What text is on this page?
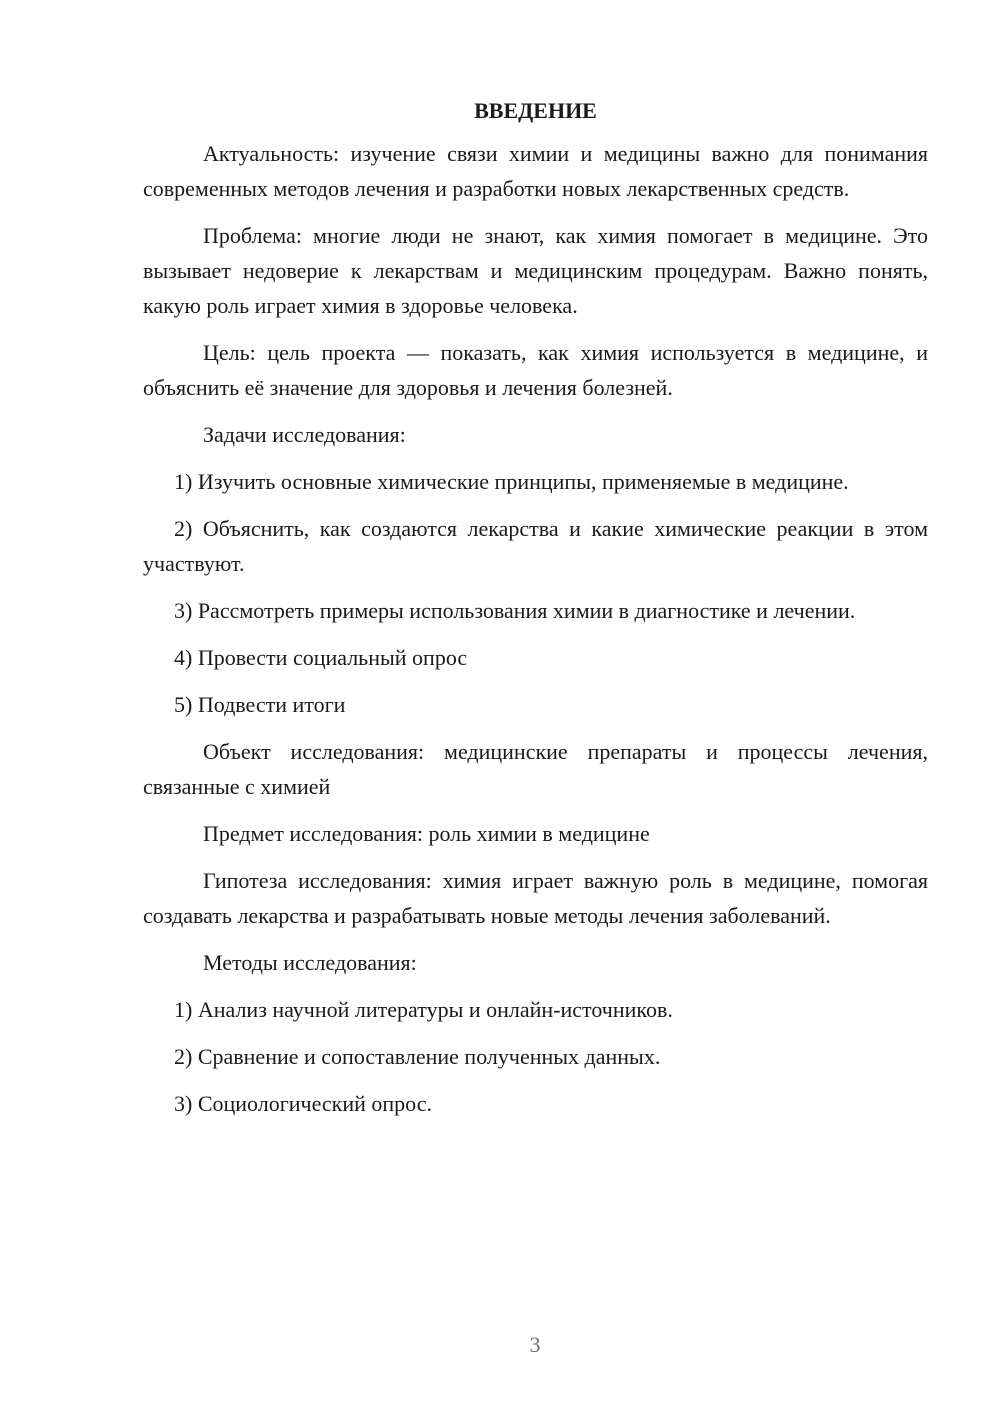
ВВЕДЕНИЕ

Актуальность: изучение связи химии и медицины важно для понимания современных методов лечения и разработки новых лекарственных средств.

Проблема: многие люди не знают, как химия помогает в медицине. Это вызывает недоверие к лекарствам и медицинским процедурам. Важно понять, какую роль играет химия в здоровье человека.

Цель: цель проекта — показать, как химия используется в медицине, и объяснить её значение для здоровья и лечения болезней.

Задачи исследования:

1) Изучить основные химические принципы, применяемые в медицине.

2) Объяснить, как создаются лекарства и какие химические реакции в этом участвуют.

3) Рассмотреть примеры использования химии в диагностике и лечении.

4) Провести социальный опрос

5) Подвести итоги

Объект исследования: медицинские препараты и процессы лечения, связанные с химией

Предмет исследования: роль химии в медицине

Гипотеза исследования: химия играет важную роль в медицине, помогая создавать лекарства и разрабатывать новые методы лечения заболеваний.

Методы исследования:

1) Анализ научной литературы и онлайн-источников.

2) Сравнение и сопоставление полученных данных.

3) Социологический опрос.

3
